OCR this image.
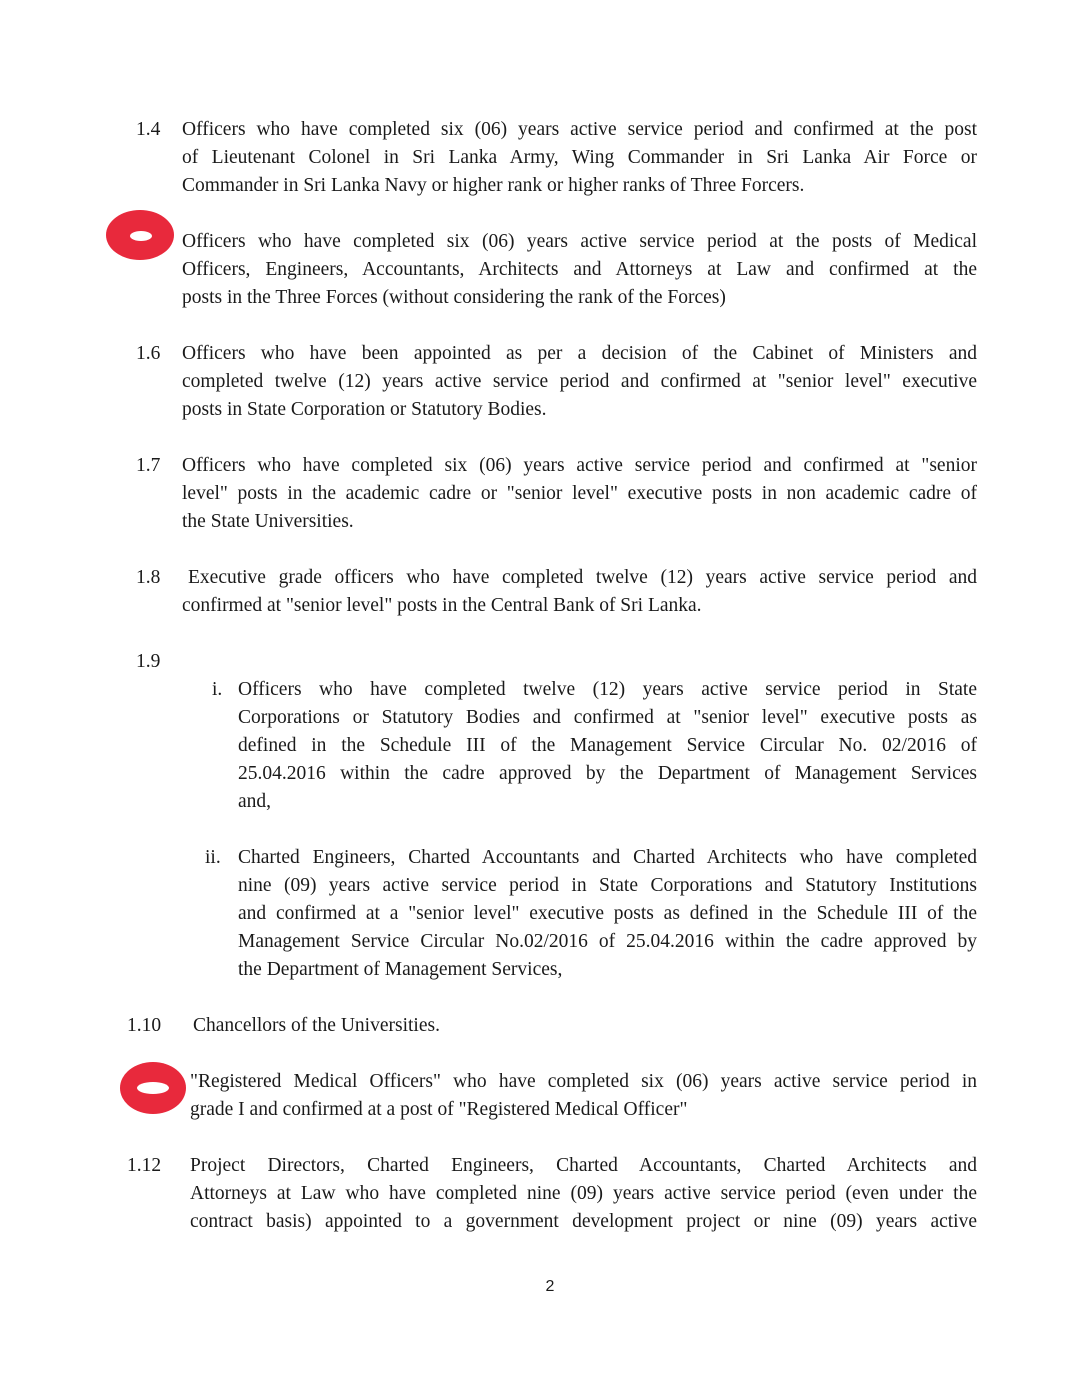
1.4 Officers who have completed six (06) years active service period and confirmed at the post
of Lieutenant Colonel in Sri Lanka Army, Wing Commander in Sri Lanka Air Force or
Commander in Sri Lanka Navy or higher rank or higher ranks of Three Forcers.
Officers who have completed six (06) years active service period at the posts of Medical
Officers, Engineers, Accountants, Architects and Attorneys at Law and confirmed at the
posts in the Three Forces (without considering the rank of the Forces)
1.6 Officers who have been appointed as per a decision of the Cabinet of Ministers and
completed twelve (12) years active service period and confirmed at "senior level" executive
posts in State Corporation or Statutory Bodies.
1.7 Officers who have completed six (06) years active service period and confirmed at "senior
level" posts in the academic cadre or "senior level" executive posts in non academic cadre of
the State Universities.
1.8	Executive grade officers who have completed twelve (12) years active service period and
confirmed at "senior level" posts in the Central Bank of Sri Lanka.
1.9
i. Officers who have completed twelve (12) years active service period in State
Corporations or Statutory Bodies and confirmed at "senior level" executive posts as
defined in the Schedule III of the Management Service Circular No. 02/2016 of
25.04.2016 within the cadre approved by the Department of Management Services
and,
ii. Charted Engineers, Charted Accountants and Charted Architects who have completed
nine (09) years active service period in State Corporations and Statutory Institutions
and confirmed at a "senior level" executive posts as defined in the Schedule III of the
Management Service Circular No.02/2016 of 25.04.2016 within the cadre approved by
the Department of Management Services,
1.10 Chancellors of the Universities.
"Registered Medical Officers" who have completed six (06) years active service period in
grade I and confirmed at a post of "Registered Medical Officer"
1.12 Project Directors, Charted Engineers, Charted Accountants, Charted Architects and
Attorneys at Law who have completed nine (09) years active service period (even under the
contract basis) appointed to a government development project or nine (09) years active
2
